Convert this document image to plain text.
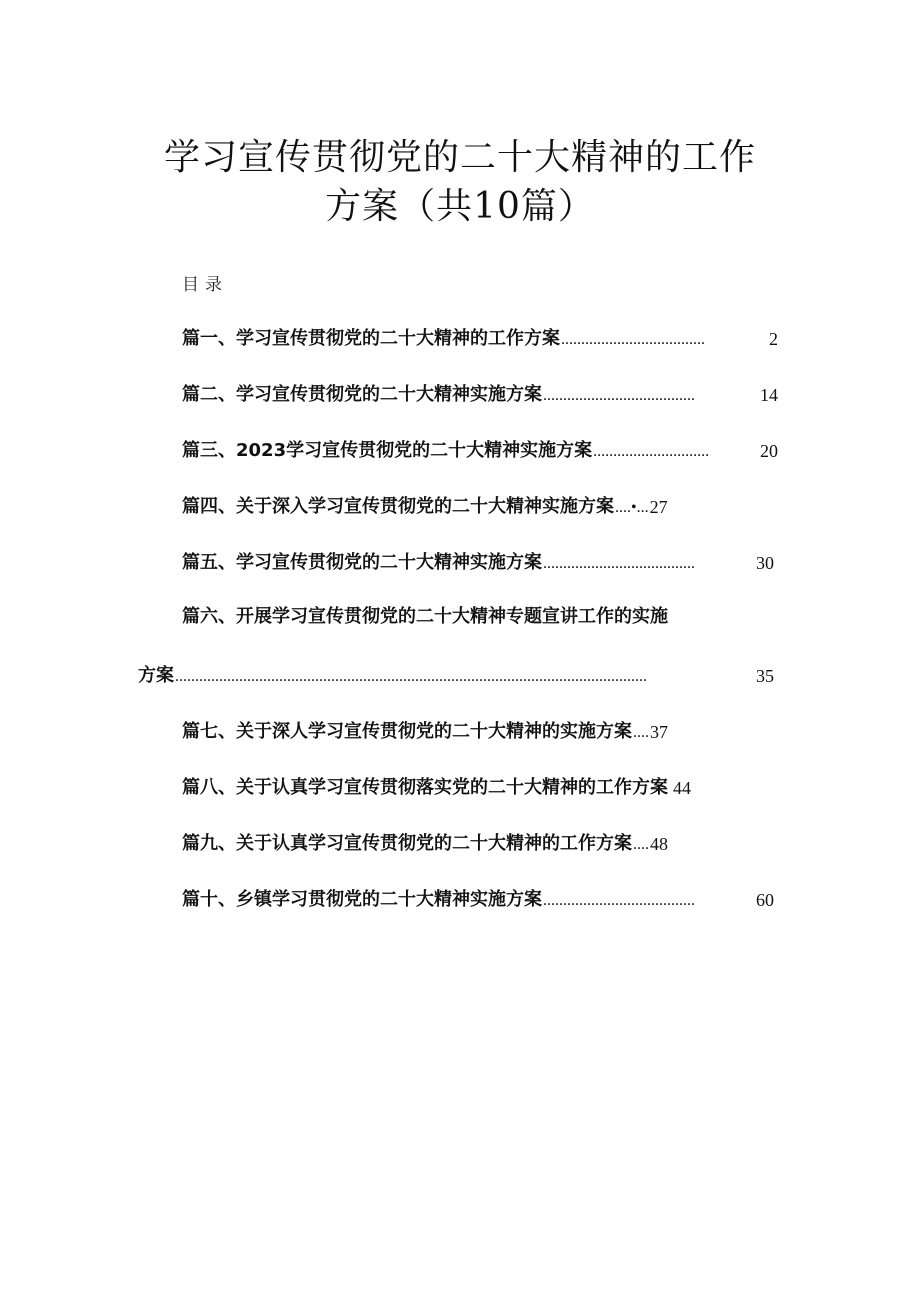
学习宣传贯彻党的二十大精神的工作
方案（共10篇）
目录
篇一、学习宣传贯彻党的二十大精神的工作方案 ....................................	2
篇二、学习宣传贯彻党的二十大精神实施方案 ......................................	14
篇三、2023学习宣传贯彻党的二十大精神实施方案 .............................	20
篇四、关于深入学习宣传贯彻党的二十大精神实施方案 ....•... 27
篇五、学习宣传贯彻党的二十大精神实施方案 ......................................	30
篇六、开展学习宣传贯彻党的二十大精神专题宣讲工作的实施
方案 ......................................................................................................................	35
篇七、关于深人学习宣传贯彻党的二十大精神的实施方案 .... 37
篇八、关于认真学习宣传贯彻落实党的二十大精神的工作方案 44
篇九、关于认真学习宣传贯彻党的二十大精神的工作方案 .... 48
篇十、乡镇学习贯彻党的二十大精神实施方案 ......................................	60
